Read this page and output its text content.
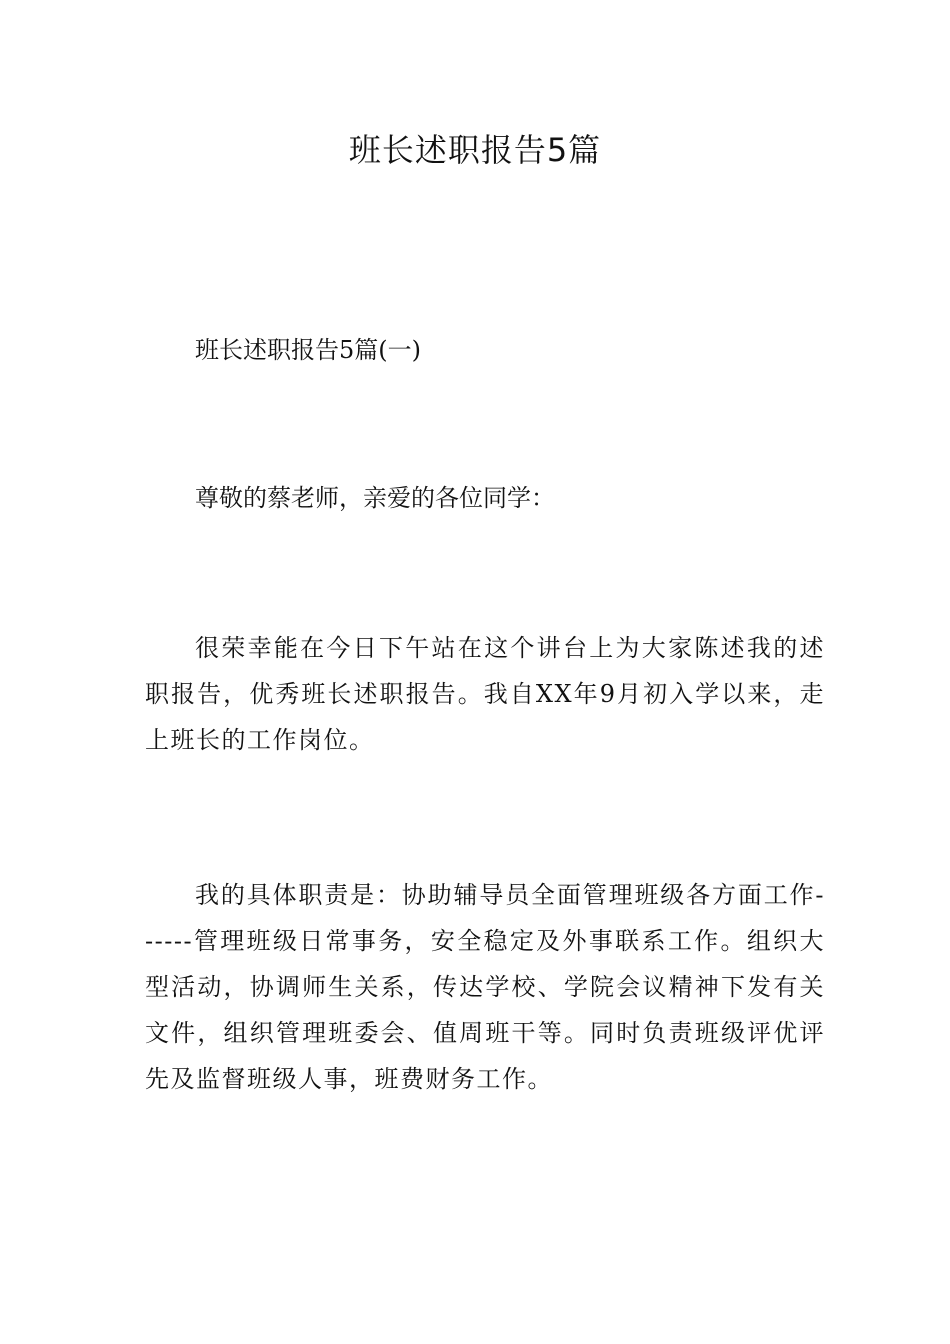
班长述职报告5篇
班长述职报告5篇(一)
尊敬的蔡老师，亲爱的各位同学：
很荣幸能在今日下午站在这个讲台上为大家陈述我的述职报告，优秀班长述职报告。我自XX年9月初入学以来，走上班长的工作岗位。
我的具体职责是：协助辅导员全面管理班级各方面工作------管理班级日常事务，安全稳定及外事联系工作。组织大型活动，协调师生关系，传达学校、学院会议精神下发有关文件，组织管理班委会、值周班干等。同时负责班级评优评先及监督班级人事，班费财务工作。
